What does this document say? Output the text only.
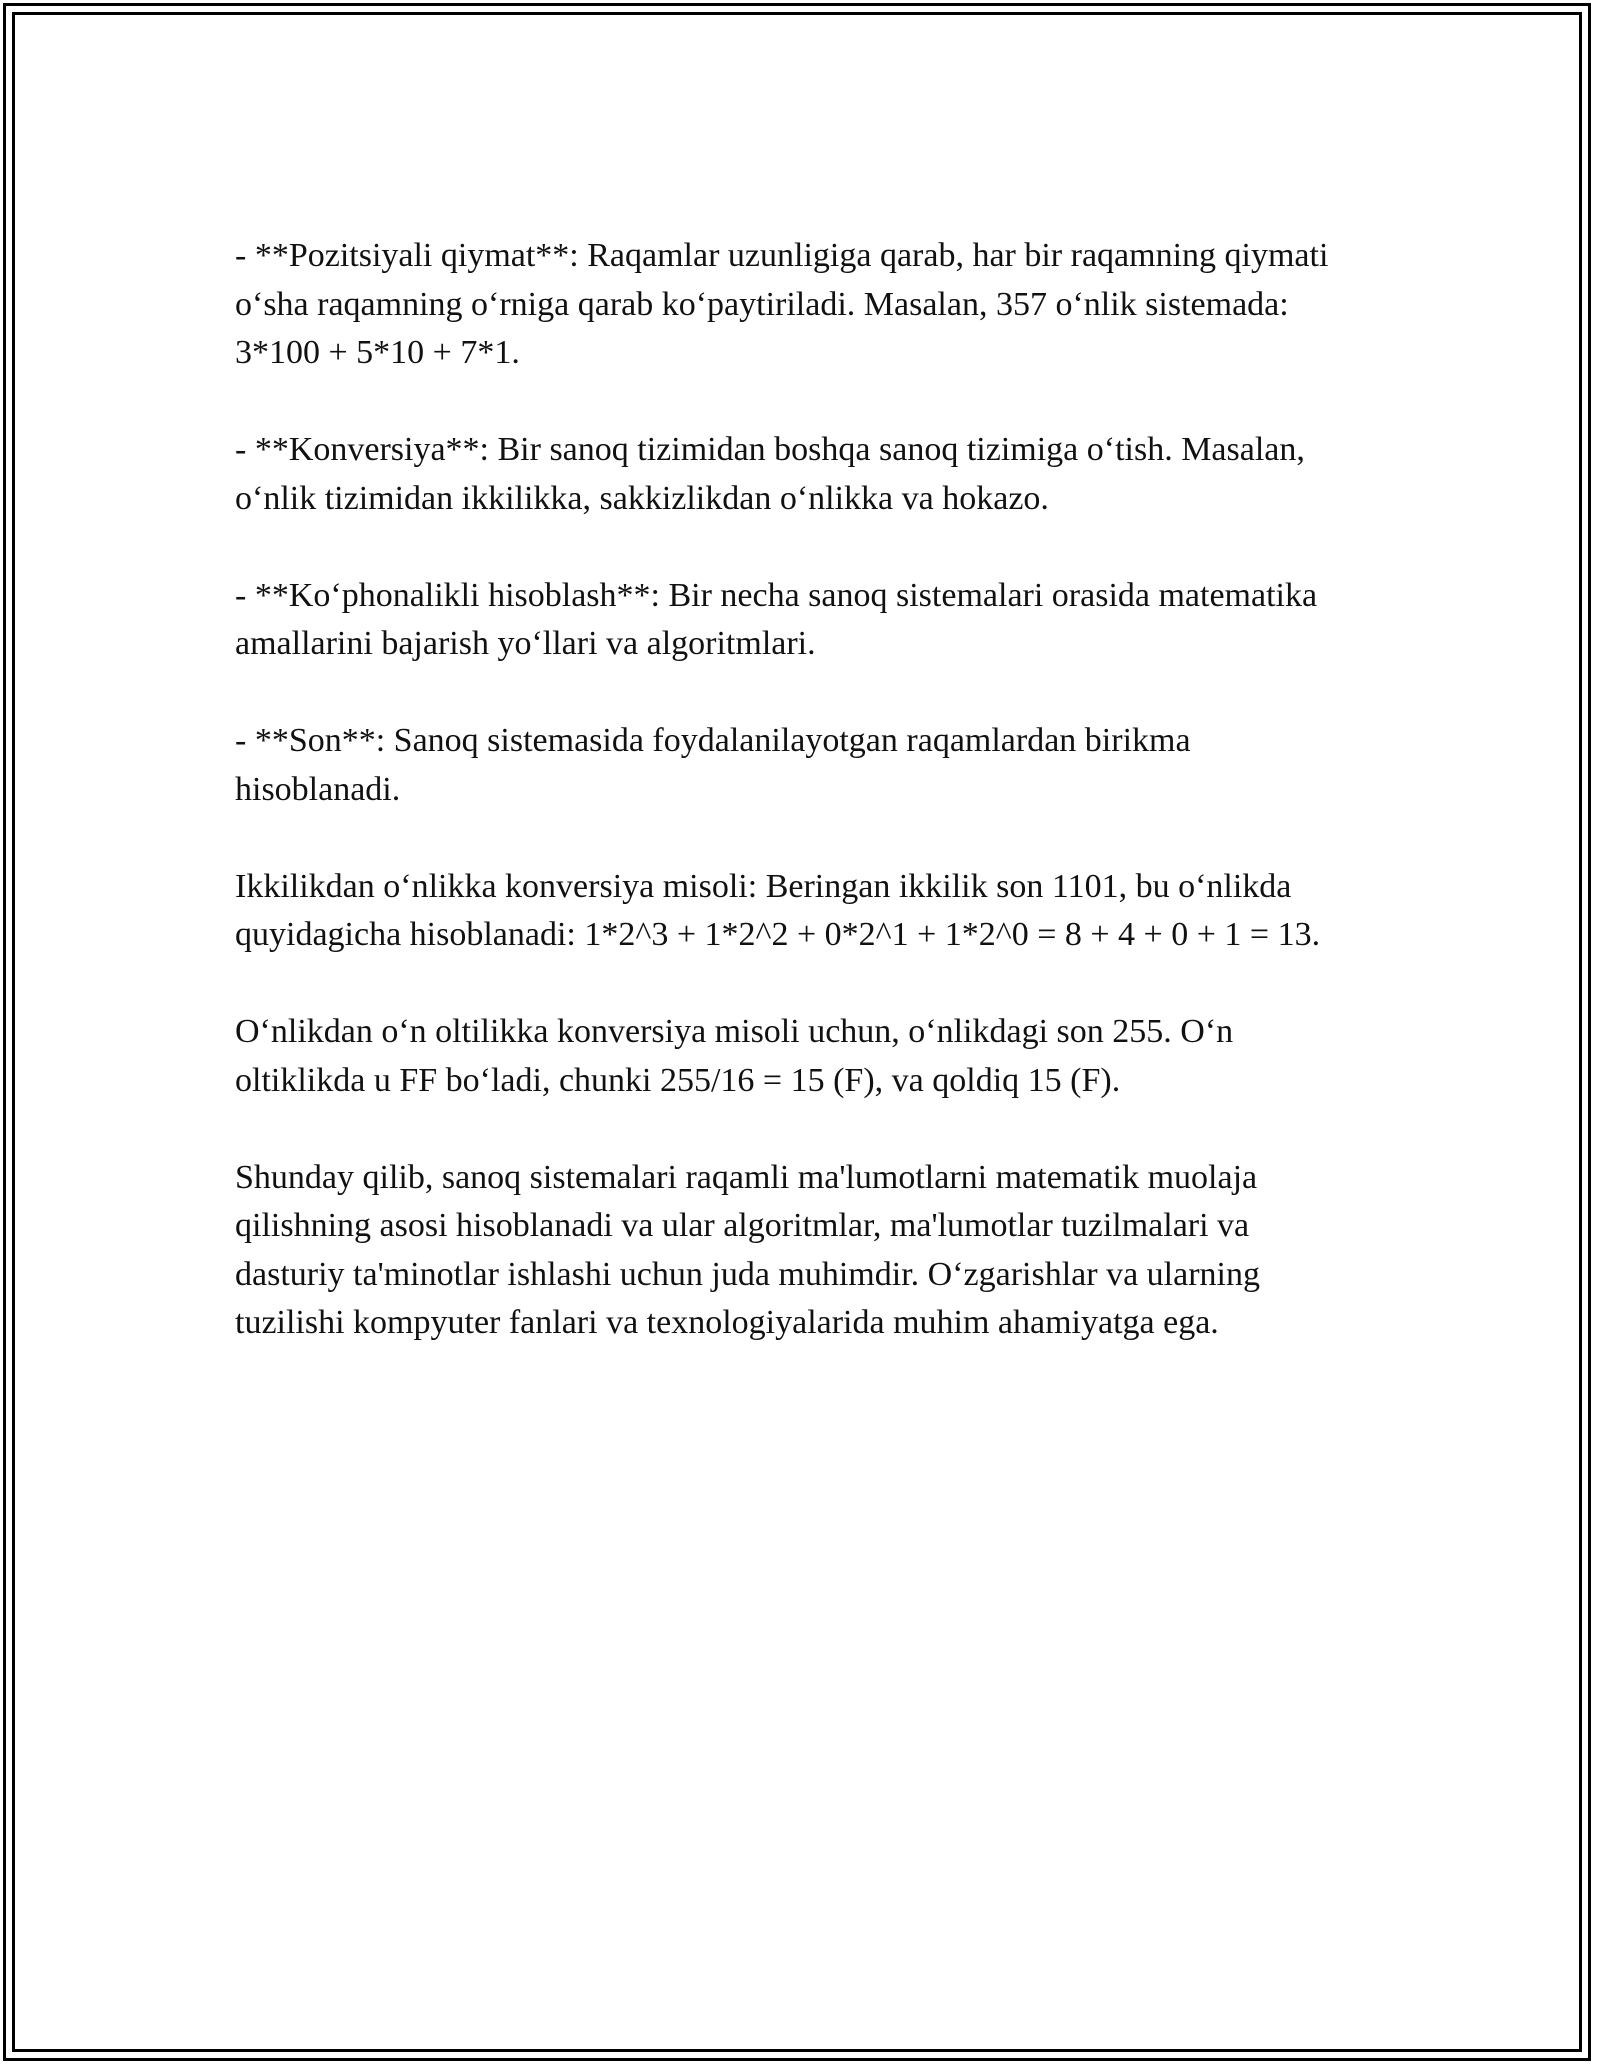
- **Pozitsiyali qiymat**: Raqamlar uzunligiga qarab, har bir raqamning qiymati o‘sha raqamning o‘rniga qarab ko‘paytiriladi. Masalan, 357 o‘nlik sistemada: 3*100 + 5*10 + 7*1.

- **Konversiya**: Bir sanoq tizimidan boshqa sanoq tizimiga o‘tish. Masalan, o‘nlik tizimidan ikkilikka, sakkizlikdan o‘nlikka va hokazo.

- **Ko‘phonalikli hisoblash**: Bir necha sanoq sistemalari orasida matematika amallarini bajarish yo‘llari va algoritmlari.

- **Son**: Sanoq sistemasida foydalanilayotgan raqamlardan birikma hisoblanadi.

Ikkilikdan o‘nlikka konversiya misoli: Beringan ikkilik son 1101, bu o‘nlikda quyidagicha hisoblanadi: 1*2^3 + 1*2^2 + 0*2^1 + 1*2^0 = 8 + 4 + 0 + 1 = 13.

O‘nlikdan o‘n oltilikka konversiya misoli uchun, o‘nlikdagi son 255. O‘n oltiklikda u FF bo‘ladi, chunki 255/16 = 15 (F), va qoldiq 15 (F).

Shunday qilib, sanoq sistemalari raqamli ma'lumotlarni matematik muolaja qilishning asosi hisoblanadi va ular algoritmlar, ma'lumotlar tuzilmalari va dasturiy ta'minotlar ishlashi uchun juda muhimdir. O‘zgarishlar va ularning tuzilishi kompyuter fanlari va texnologiyalarida muhim ahamiyatga ega.
